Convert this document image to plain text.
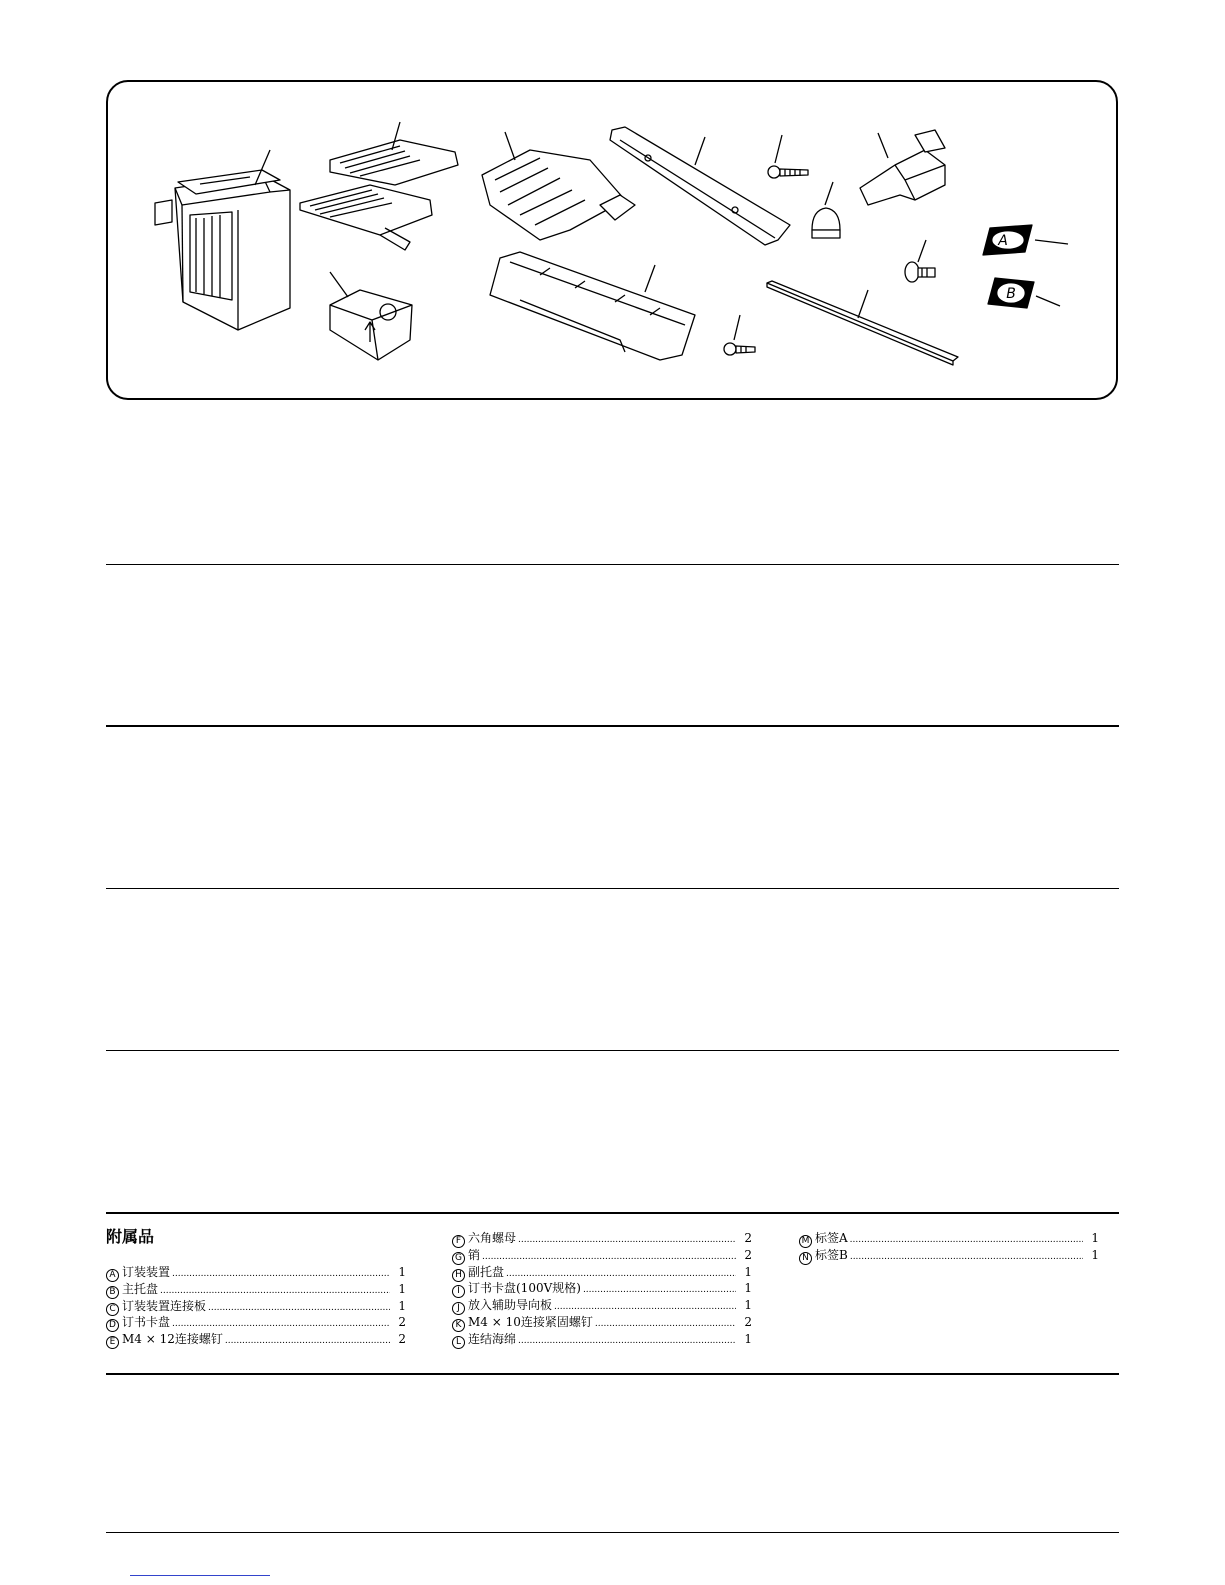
A
B
附属品
A 订装装置 .....	1
B 主托盘 .....	1
C 订装装置连接板 .....	1
D 订书卡盘 .....	2
E M4 × 12连接螺钉 .....	2
F 六角螺母 .....	2
G 销 .....	2
H 副托盘 .....	1
I 订书卡盘(100V规格) .....	1
J 放入辅助导向板 .....	1
K M4 × 10连接紧固螺钉 .....	2
L 连结海绵 .....	1
M 标签A .....	1
N 标签B .....	1
